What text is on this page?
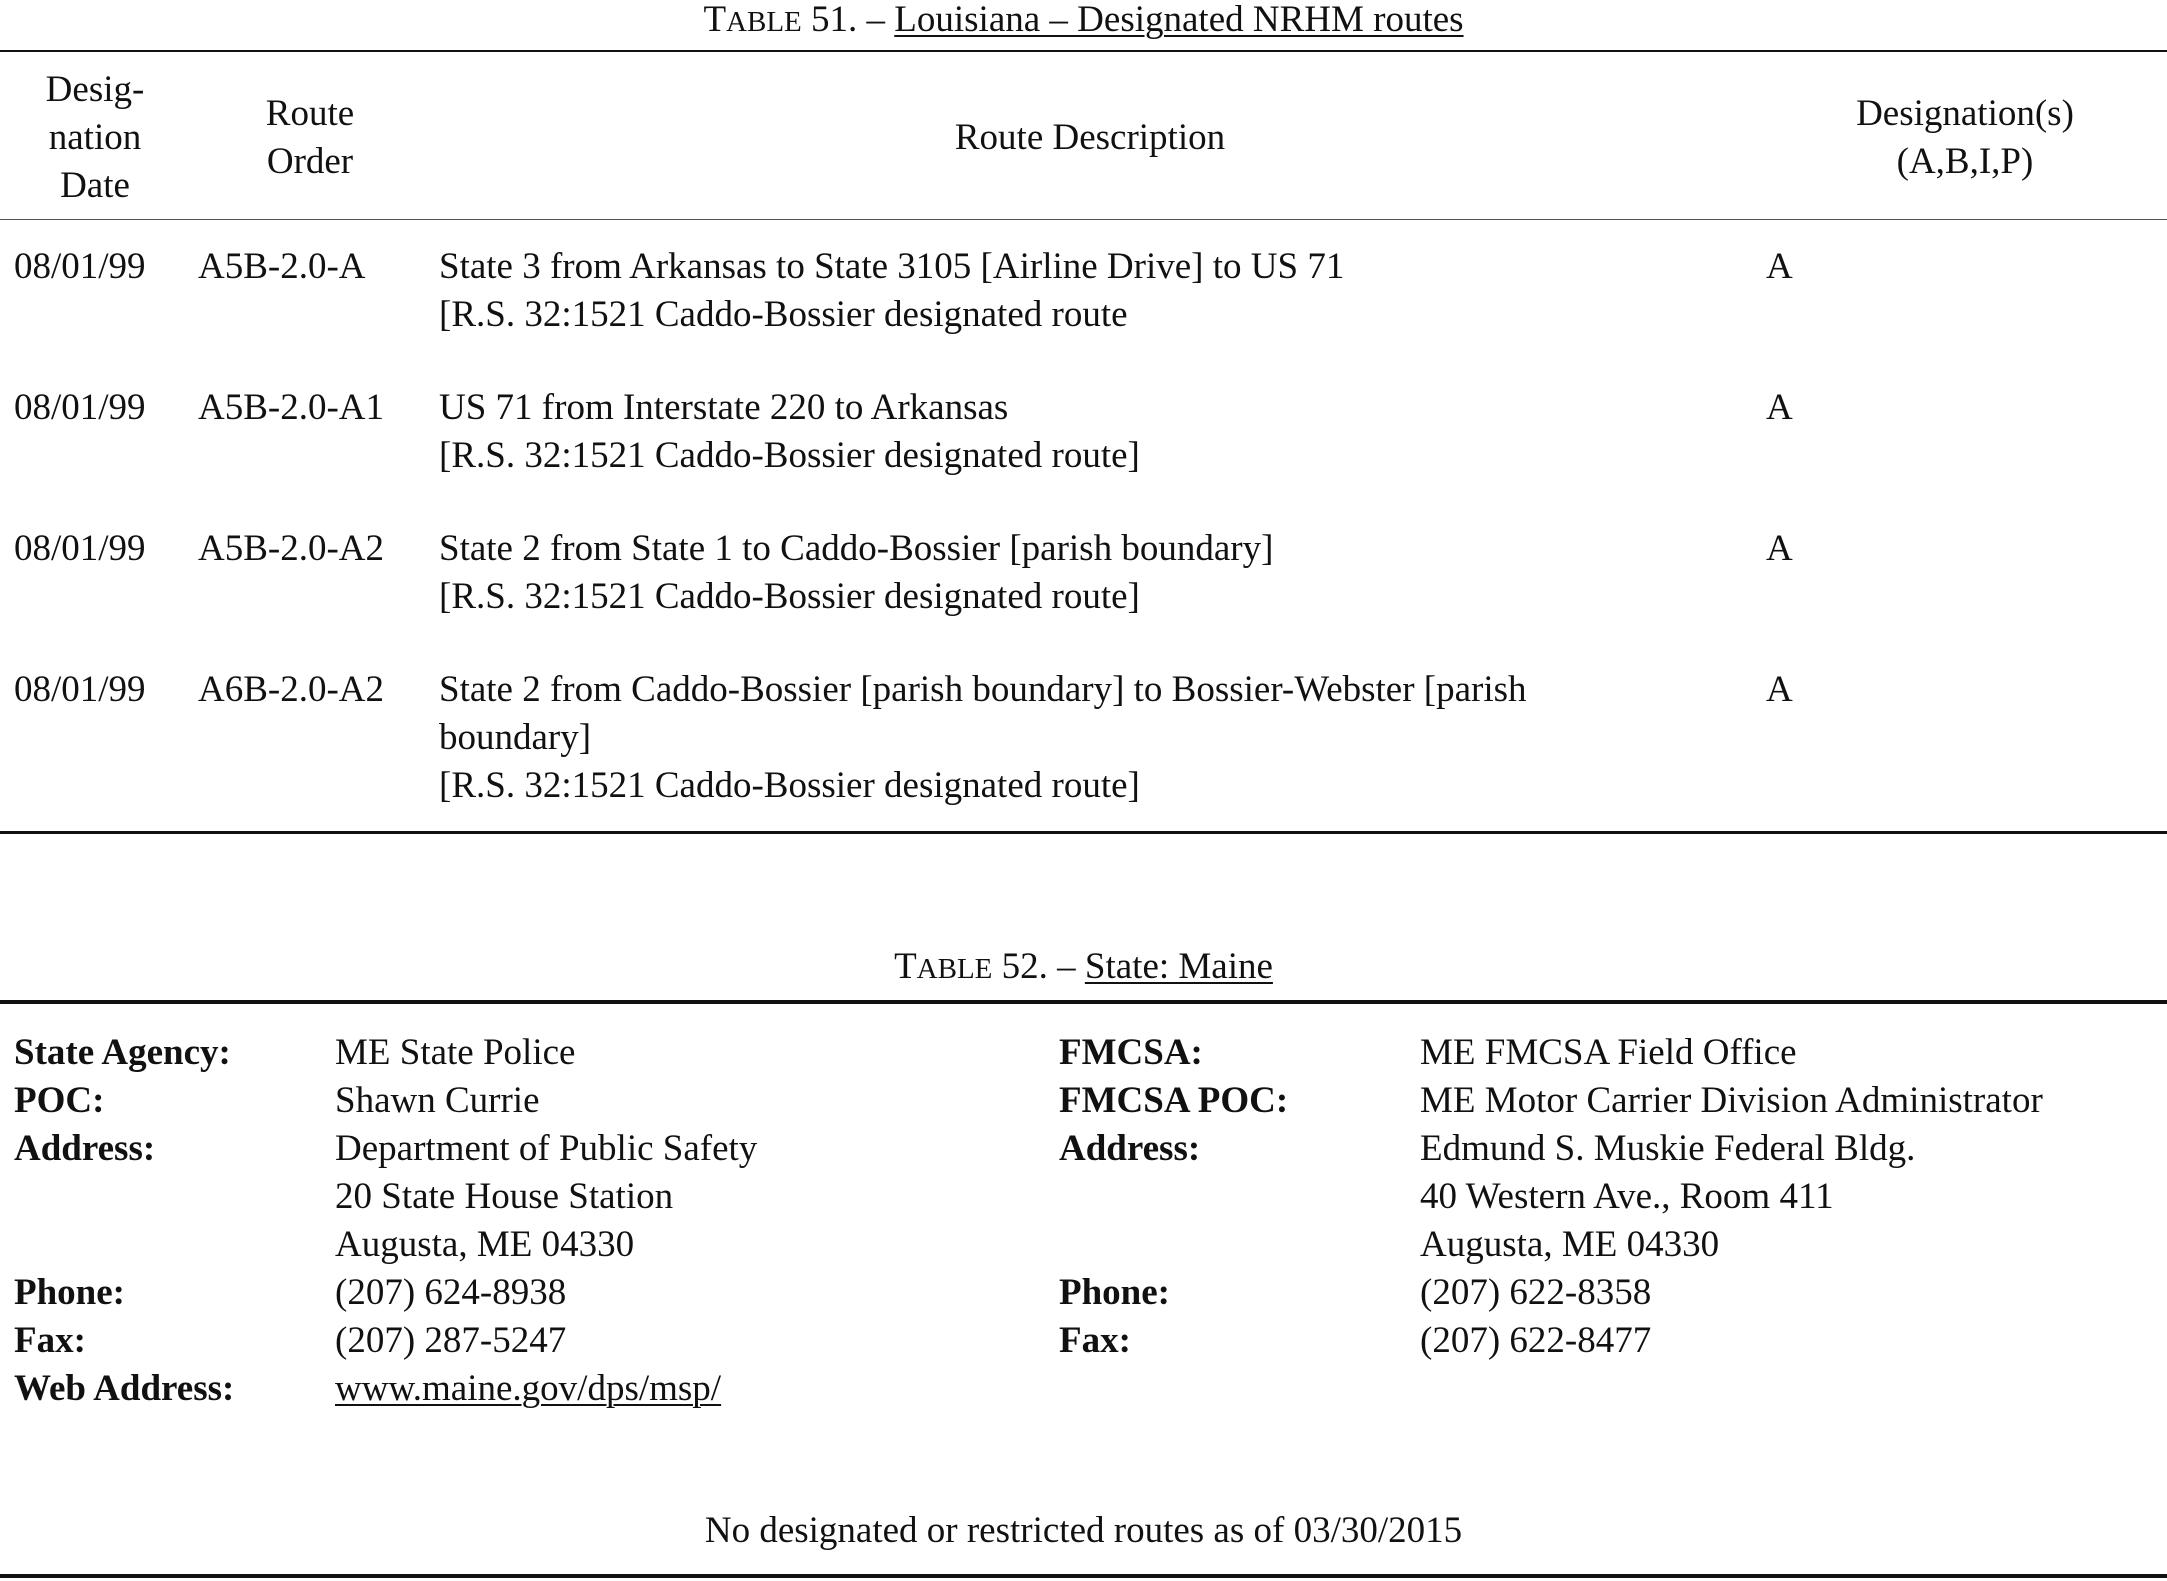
TABLE 51. – Louisiana – Designated NRHM routes
Desig-
nation
Date
Route
Order
Route Description
Designation(s)
(A,B,I,P)
08/01/99 A5B-2.0-A State 3 from Arkansas to State 3105 [Airline Drive] to US 71
[R.S. 32:1521 Caddo-Bossier designated route
A
08/01/99 A5B-2.0-A1 US 71 from Interstate 220 to Arkansas
[R.S. 32:1521 Caddo-Bossier designated route]
A
08/01/99 A5B-2.0-A2 State 2 from State 1 to Caddo-Bossier [parish boundary]
[R.S. 32:1521 Caddo-Bossier designated route]
A
08/01/99 A6B-2.0-A2 State 2 from Caddo-Bossier [parish boundary] to Bossier-Webster [parish
boundary]
[R.S. 32:1521 Caddo-Bossier designated route]
A
TABLE 52. – State: Maine
State Agency:
POC:
Address:
Phone:
Fax:
Web Address:
ME State Police
Shawn Currie
Department of Public Safety
20 State House Station
Augusta, ME 04330
(207) 624-8938
(207) 287-5247
www.maine.gov/dps/msp/
FMCSA:
FMCSA POC:
Address:
Phone:
Fax:
ME FMCSA Field Office
ME Motor Carrier Division Administrator
Edmund S. Muskie Federal Bldg.
40 Western Ave., Room 411
Augusta, ME 04330
(207) 622-8358
(207) 622-8477
No designated or restricted routes as of 03/30/2015
